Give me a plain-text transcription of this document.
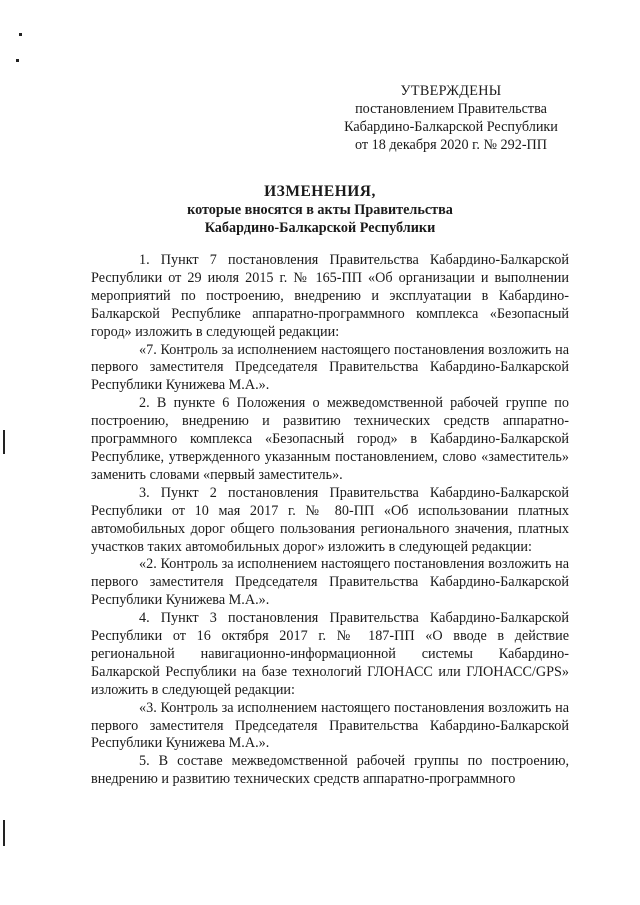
УТВЕРЖДЕНЫ
постановлением Правительства
Кабардино-Балкарской Республики
от 18 декабря 2020 г. № 292-ПП
ИЗМЕНЕНИЯ,
которые вносятся в акты Правительства
Кабардино-Балкарской Республики

1. Пункт 7 постановления Правительства Кабардино-Балкарской Республики от 29 июля 2015 г. № 165-ПП «Об организации и выполнении мероприятий по построению, внедрению и эксплуатации в Кабардино-Балкарской Республике аппаратно-программного комплекса «Безопасный город» изложить в следующей редакции:

«7. Контроль за исполнением настоящего постановления возложить на первого заместителя Председателя Правительства Кабардино-Балкарской Республики Кунижева М.А.».

2. В пункте 6 Положения о межведомственной рабочей группе по построению, внедрению и развитию технических средств аппаратно-программного комплекса «Безопасный город» в Кабардино-Балкарской Республике, утвержденного указанным постановлением, слово «заместитель» заменить словами «первый заместитель».

3. Пункт 2 постановления Правительства Кабардино-Балкарской Республики от 10 мая 2017 г. № 80-ПП «Об использовании платных автомобильных дорог общего пользования регионального значения, платных участков таких автомобильных дорог» изложить в следующей редакции:

«2. Контроль за исполнением настоящего постановления возложить на первого заместителя Председателя Правительства Кабардино-Балкарской Республики Кунижева М.А.».

4. Пункт 3 постановления Правительства Кабардино-Балкарской Республики от 16 октября 2017 г. № 187-ПП «О вводе в действие региональной навигационно-информационной системы Кабардино-Балкарской Республики на базе технологий ГЛОНАСС или ГЛОНАСС/GPS» изложить в следующей редакции:

«3. Контроль за исполнением настоящего постановления возложить на первого заместителя Председателя Правительства Кабардино-Балкарской Республики Кунижева М.А.».

5. В составе межведомственной рабочей группы по построению, внедрению и развитию технических средств аппаратно-программного
